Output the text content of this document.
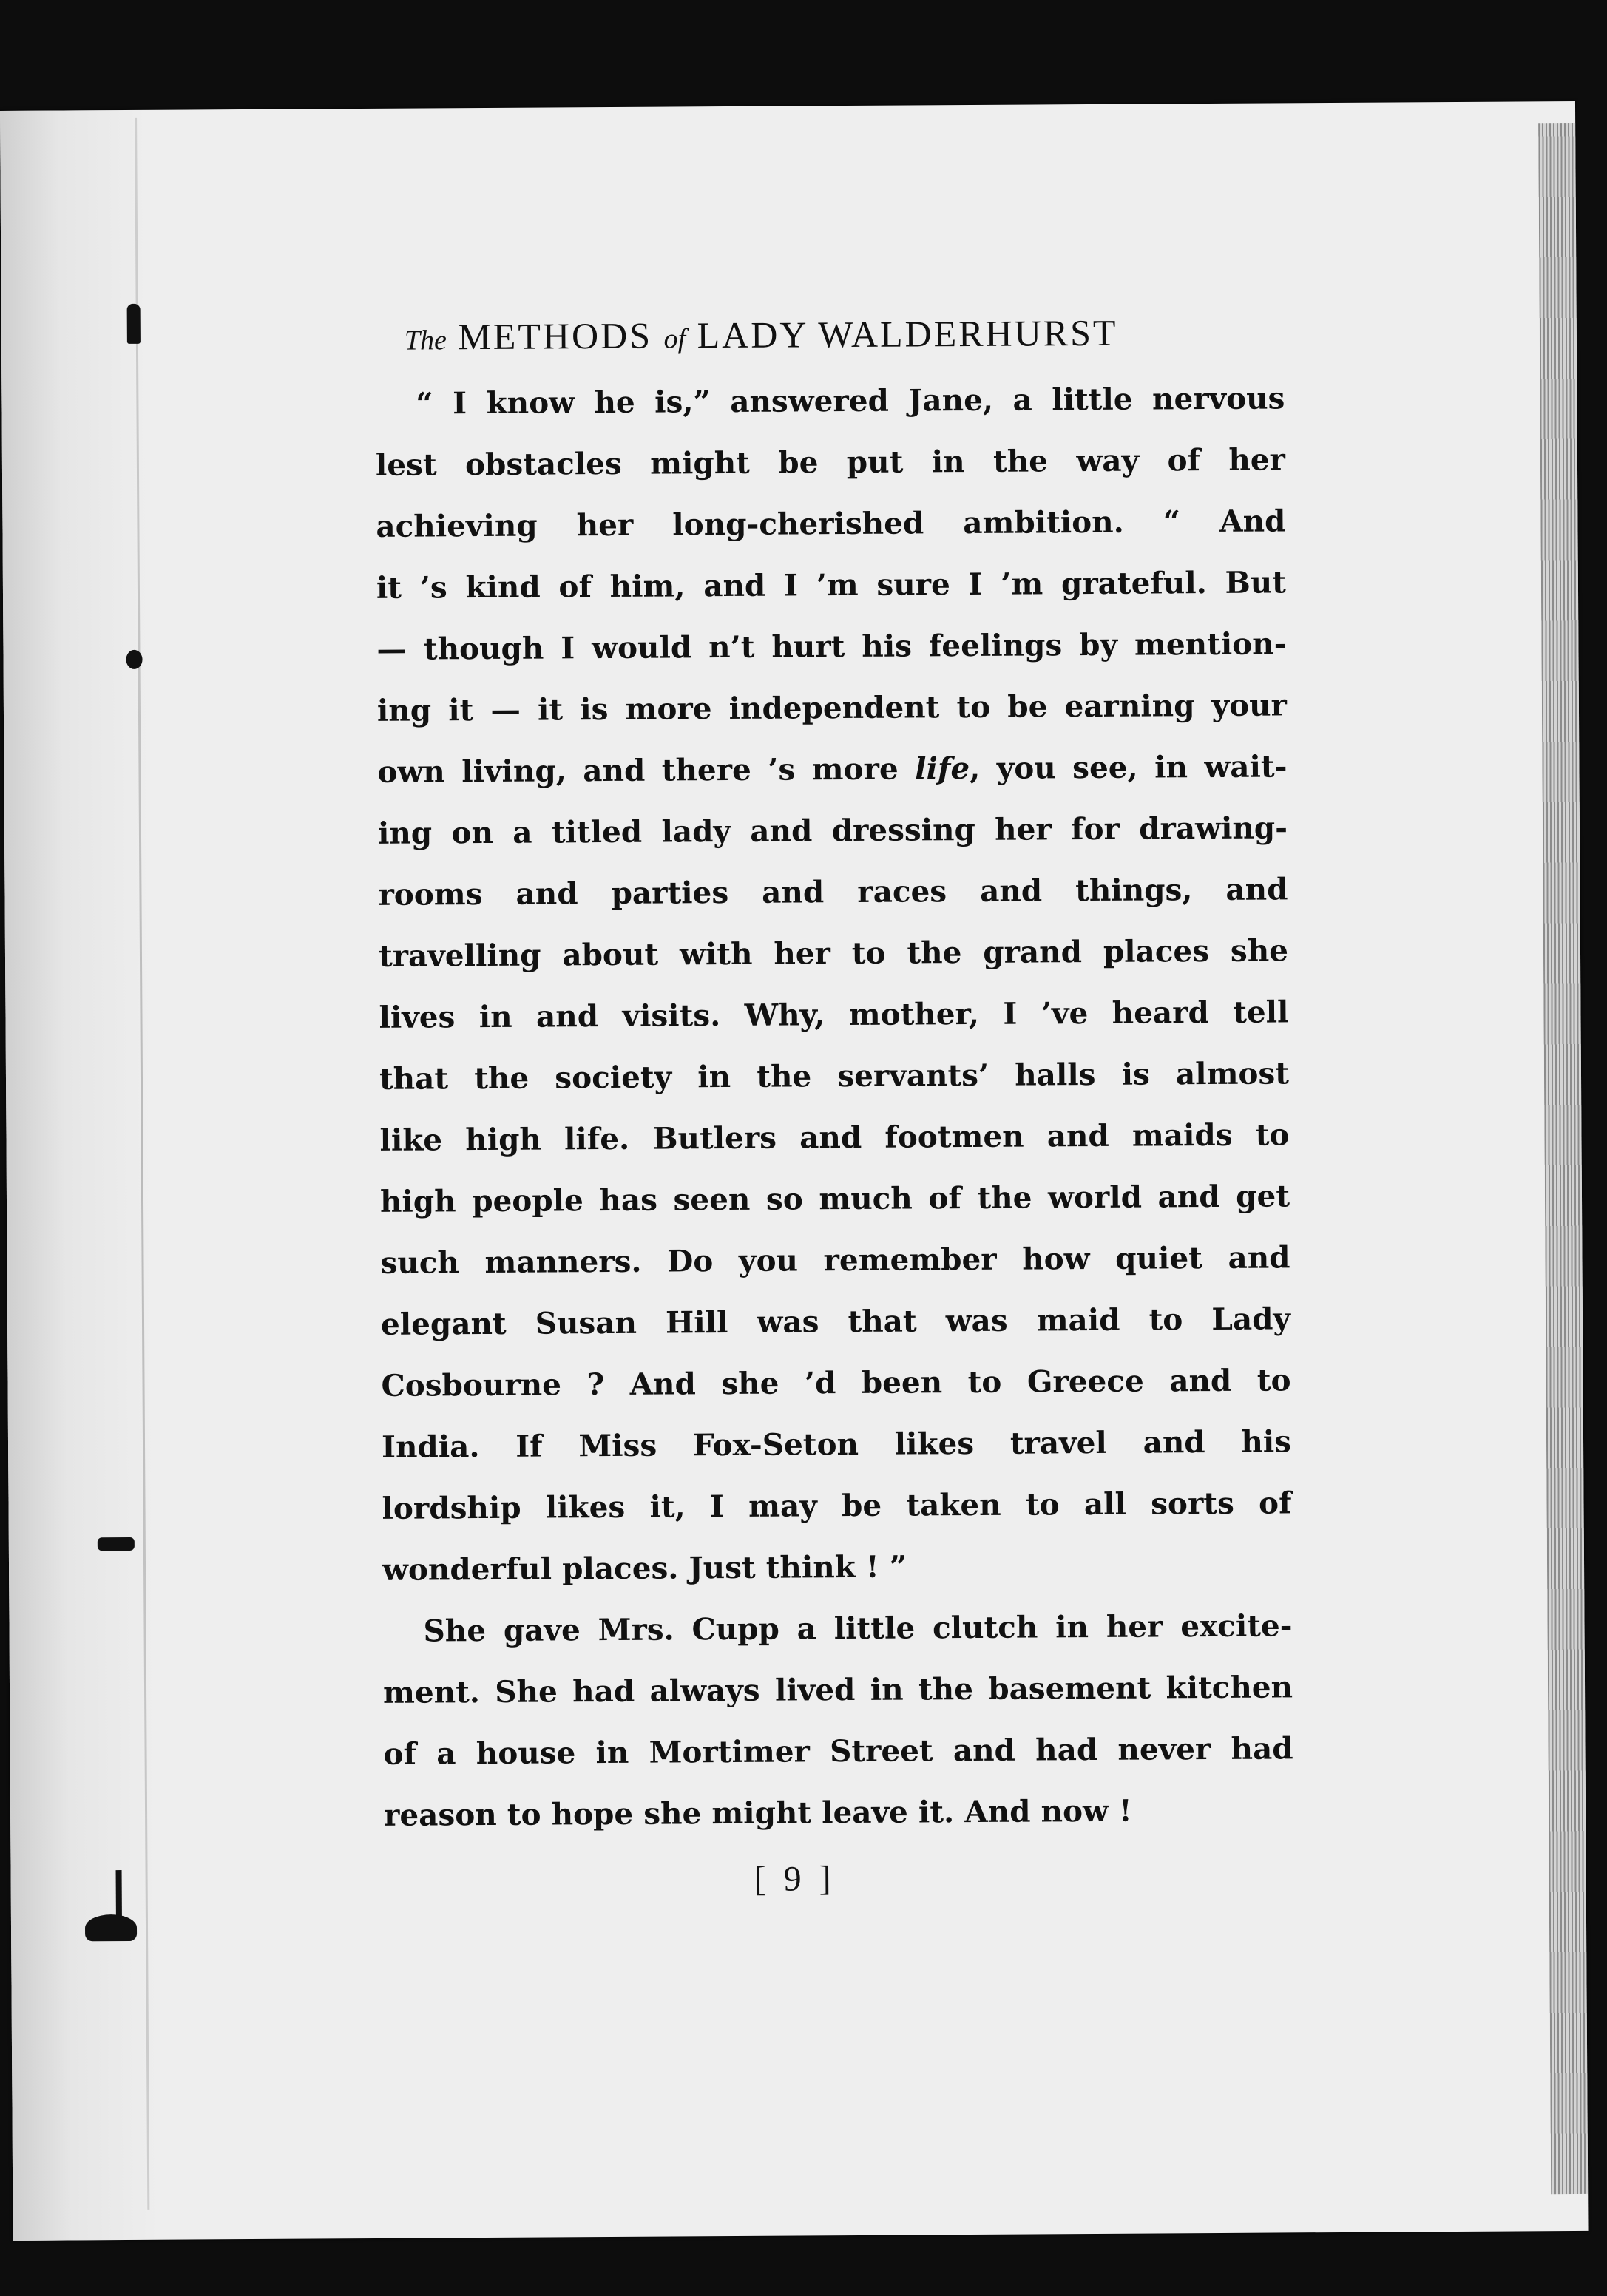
The METHODS of LADY WALDERHURST
“ I know he is,” answered Jane, a little nervous
lest obstacles might be put in the way of her
achieving her long-cherished ambition. “ And
it ’s kind of him, and I ’m sure I ’m grateful. But
— though I would n’t hurt his feelings by mention-
ing it — it is more independent to be earning your
own living, and there ’s more life, you see, in wait-
ing on a titled lady and dressing her for drawing-
rooms and parties and races and things, and
travelling about with her to the grand places she
lives in and visits. Why, mother, I ’ve heard tell
that the society in the servants’ halls is almost
like high life. Butlers and footmen and maids to
high people has seen so much of the world and get
such manners. Do you remember how quiet and
elegant Susan Hill was that was maid to Lady
Cosbourne ? And she ’d been to Greece and to
India. If Miss Fox-Seton likes travel and his
lordship likes it, I may be taken to all sorts of
wonderful places. Just think ! ”
She gave Mrs. Cupp a little clutch in her excite-
ment. She had always lived in the basement kitchen
of a house in Mortimer Street and had never had
reason to hope she might leave it. And now !
[ 9 ]
